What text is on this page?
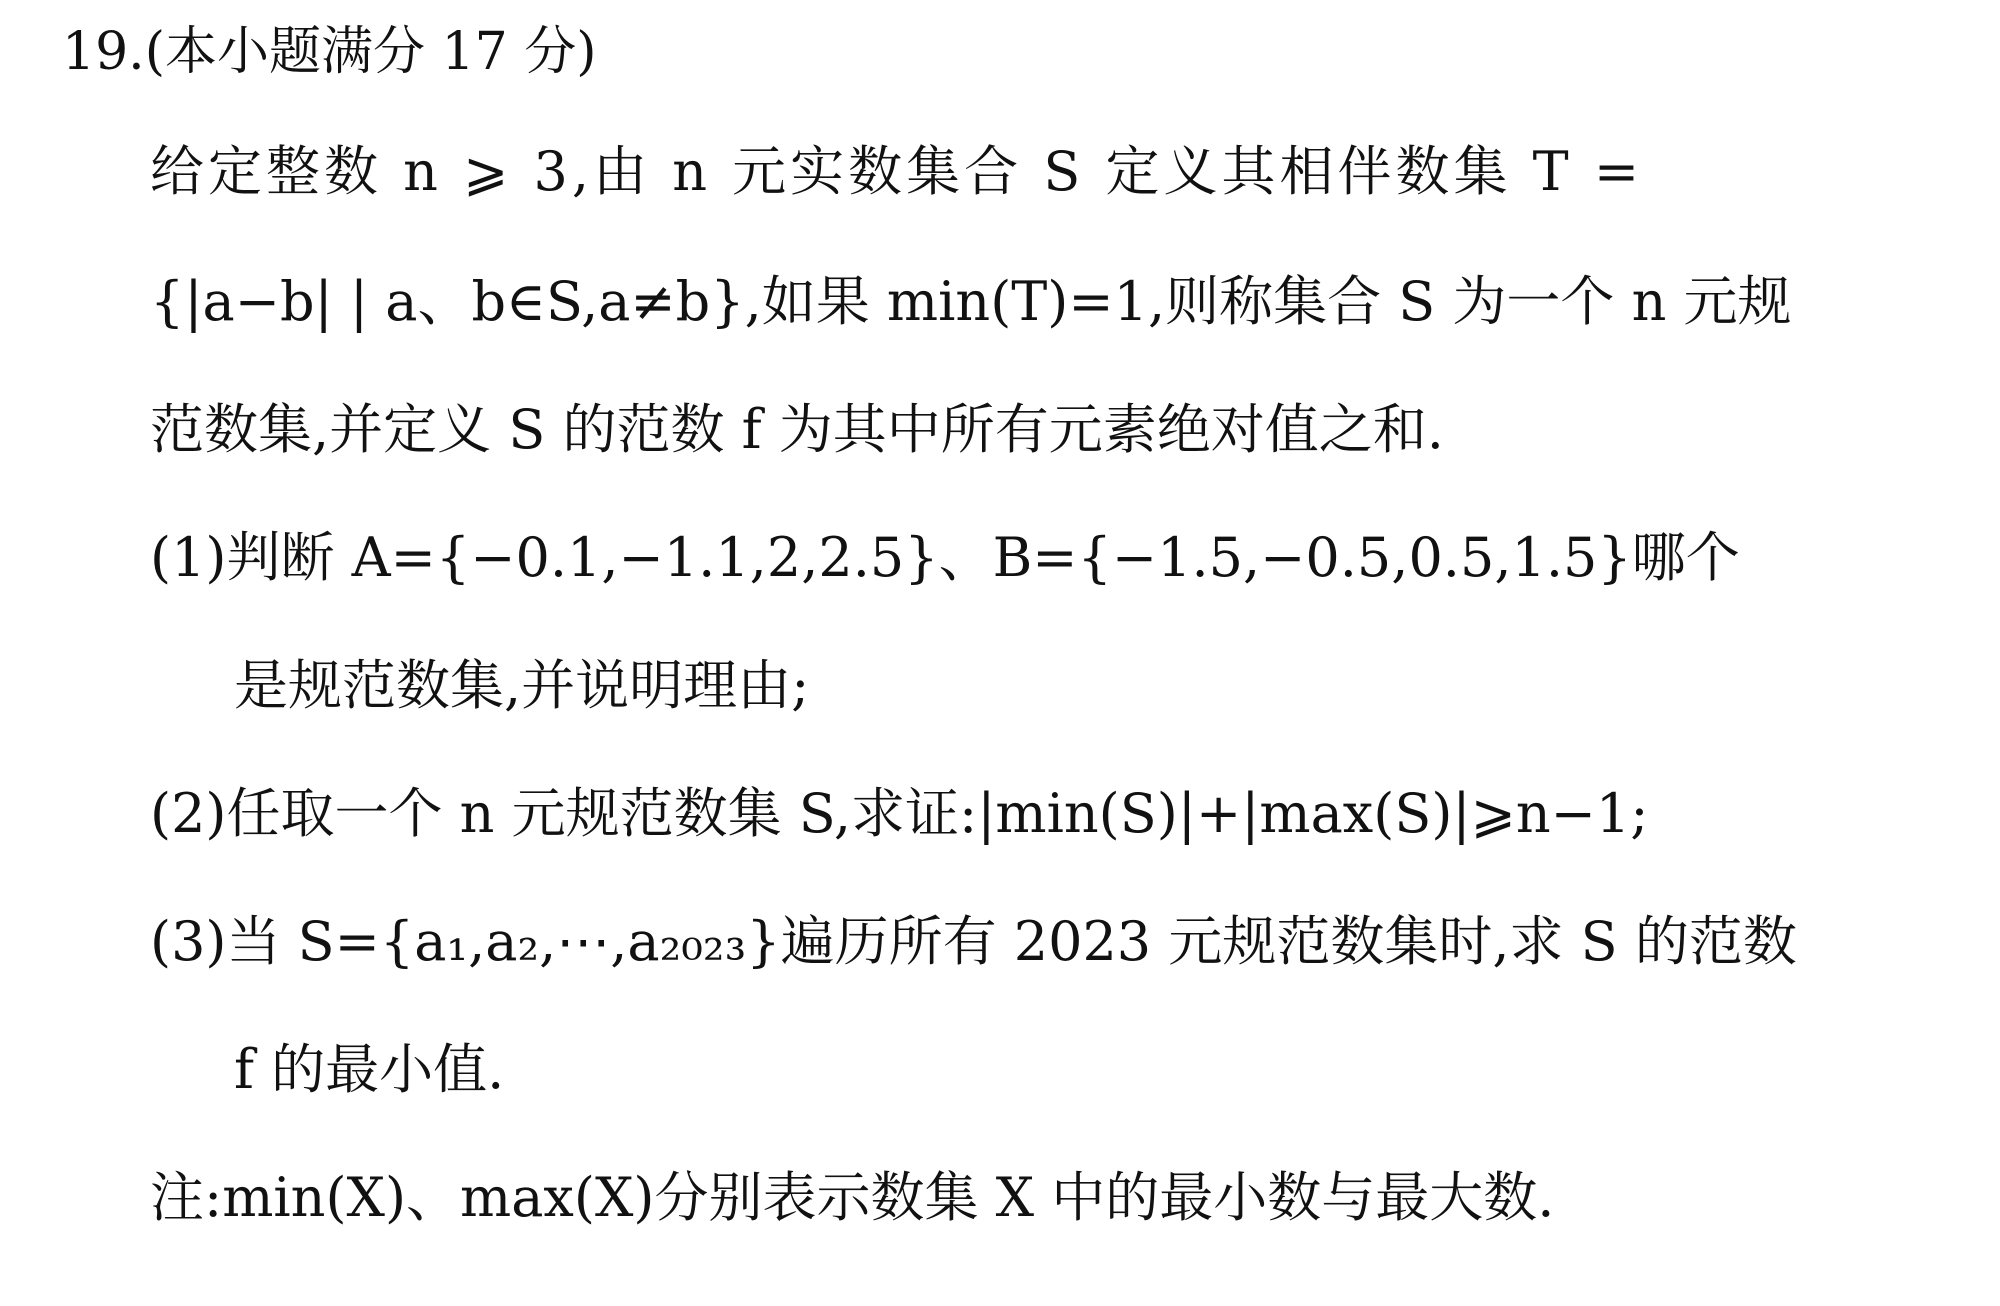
19.(本小题满分 17 分)
给定整数 n ⩾ 3,由 n 元实数集合 S 定义其相伴数集 T =
{|a−b| | a、b∈S,a≠b},如果 min(T)=1,则称集合 S 为一个 n 元规
范数集,并定义 S 的范数 f 为其中所有元素绝对值之和.
(1)判断 A={−0.1,−1.1,2,2.5}、B={−1.5,−0.5,0.5,1.5}哪个
是规范数集,并说明理由;
(2)任取一个 n 元规范数集 S,求证:|min(S)|+|max(S)|⩾n−1;
(3)当 S={a₁,a₂,⋯,a₂₀₂₃}遍历所有 2023 元规范数集时,求 S 的范数
f 的最小值.
注:min(X)、max(X)分别表示数集 X 中的最小数与最大数.
